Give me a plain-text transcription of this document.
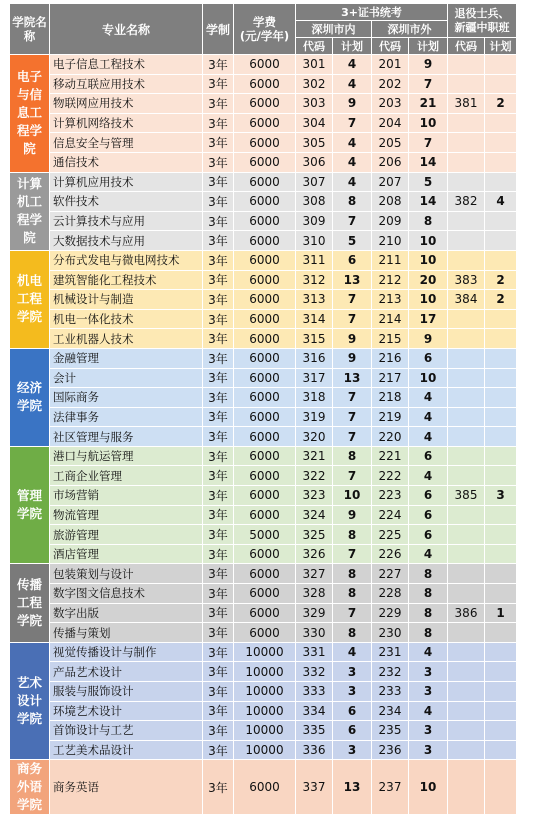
学院名称	专业名称	学制	学费
(元/学年)	3+证书统考				退役士兵、
新疆中职班	
				深圳市内		深圳市外			
				代码	计划	代码	计划	代码	计划
电子与信息工程学院	电子信息工程技术	3年	6000	301	4	201	9		
	移动互联应用技术	3年	6000	302	4	202	7		
	物联网应用技术	3年	6000	303	9	203	21	381	2
	计算机网络技术	3年	6000	304	7	204	10		
	信息安全与管理	3年	6000	305	4	205	7		
	通信技术	3年	6000	306	4	206	14		
计算机工程学院	计算机应用技术	3年	6000	307	4	207	5		
	软件技术	3年	6000	308	8	208	14	382	4
	云计算技术与应用	3年	6000	309	7	209	8		
	大数据技术与应用	3年	6000	310	5	210	10		
机电工程学院	分布式发电与微电网技术	3年	6000	311	6	211	10		
	建筑智能化工程技术	3年	6000	312	13	212	20	383	2
	机械设计与制造	3年	6000	313	7	213	10	384	2
	机电一体化技术	3年	6000	314	7	214	17		
	工业机器人技术	3年	6000	315	9	215	9		
经济学院	金融管理	3年	6000	316	9	216	6		
	会计	3年	6000	317	13	217	10		
	国际商务	3年	6000	318	7	218	4		
	法律事务	3年	6000	319	7	219	4		
	社区管理与服务	3年	6000	320	7	220	4		
管理学院	港口与航运管理	3年	6000	321	8	221	6		
	工商企业管理	3年	6000	322	7	222	4		
	市场营销	3年	6000	323	10	223	6	385	3
	物流管理	3年	6000	324	9	224	6		
	旅游管理	3年	5000	325	8	225	6		
	酒店管理	3年	6000	326	7	226	4		
传播工程学院	包装策划与设计	3年	6000	327	8	227	8		
	数字图文信息技术	3年	6000	328	8	228	8		
	数字出版	3年	6000	329	7	229	8	386	1
	传播与策划	3年	6000	330	8	230	8		
艺术设计学院	视觉传播设计与制作	3年	10000	331	4	231	4		
	产品艺术设计	3年	10000	332	3	232	3		
	服装与服饰设计	3年	10000	333	3	233	3		
	环境艺术设计	3年	10000	334	6	234	4		
	首饰设计与工艺	3年	10000	335	6	235	3		
	工艺美术品设计	3年	10000	336	3	236	3		
商务外语学院	商务英语	3年	6000	337	13	237	10		
